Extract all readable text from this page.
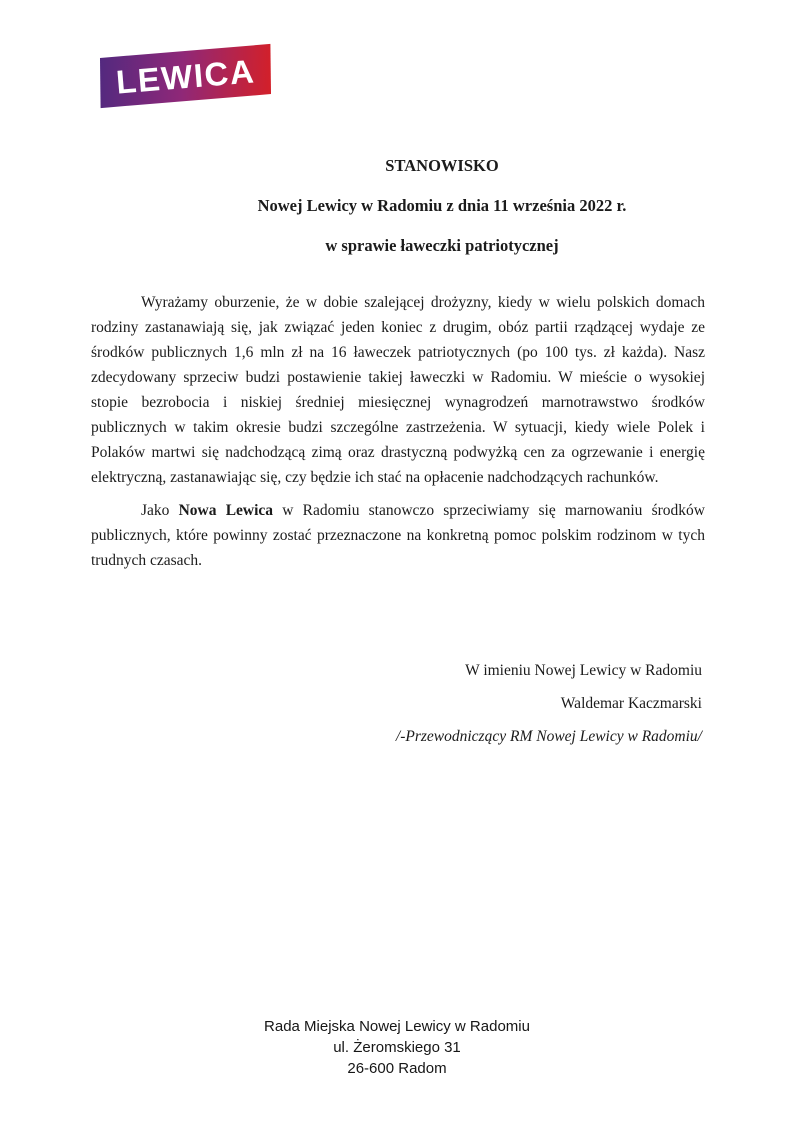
LEWICA
STANOWISKO
Nowej Lewicy w Radomiu z dnia 11 września 2022 r.
w sprawie ławeczki patriotycznej

Wyrażamy oburzenie, że w dobie szalejącej drożyzny, kiedy w wielu polskich domach rodziny zastanawiają się, jak związać jeden koniec z drugim, obóz partii rządzącej wydaje ze środków publicznych 1,6 mln zł na 16 ławeczek patriotycznych (po 100 tys. zł każda). Nasz zdecydowany sprzeciw budzi postawienie takiej ławeczki w Radomiu. W mieście o wysokiej stopie bezrobocia i niskiej średniej miesięcznej wynagrodzeń marnotrawstwo środków publicznych w takim okresie budzi szczególne zastrzeżenia. W sytuacji, kiedy wiele Polek i Polaków martwi się nadchodzącą zimą oraz drastyczną podwyżką cen za ogrzewanie i energię elektryczną, zastanawiając się, czy będzie ich stać na opłacenie nadchodzących rachunków.

Jako Nowa Lewica w Radomiu stanowczo sprzeciwiamy się marnowaniu środków publicznych, które powinny zostać przeznaczone na konkretną pomoc polskim rodzinom w tych trudnych czasach.

W imieniu Nowej Lewicy w Radomiu
Waldemar Kaczmarski
/-Przewodniczący RM Nowej Lewicy w Radomiu/
Rada Miejska Nowej Lewicy w Radomiu
ul. Żeromskiego 31
26-600 Radom
